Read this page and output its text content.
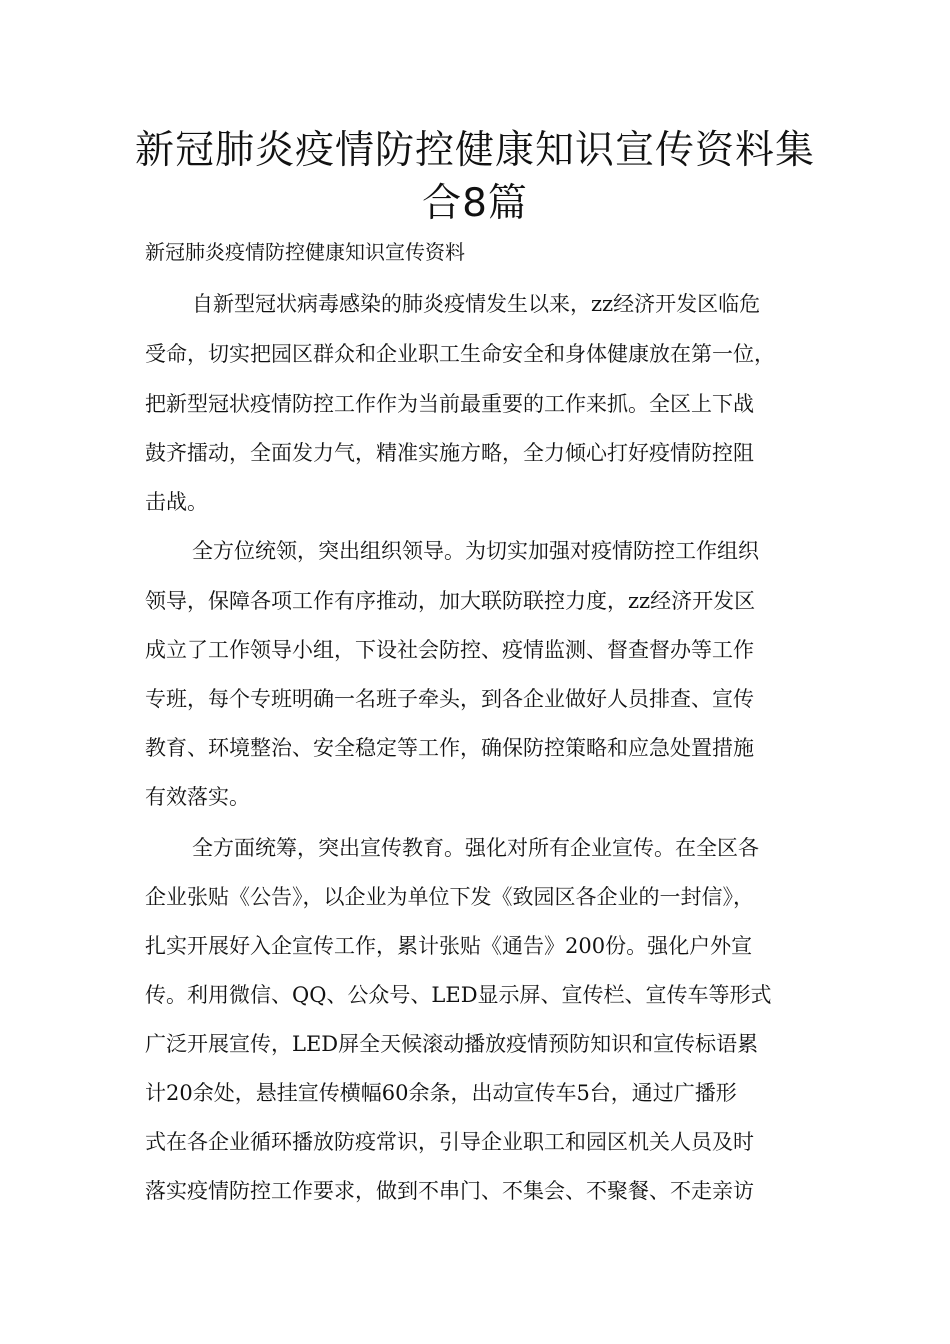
新冠肺炎疫情防控健康知识宣传资料集
合8篇

新冠肺炎疫情防控健康知识宣传资料

自新型冠状病毒感染的肺炎疫情发生以来，zz经济开发区临危

受命，切实把园区群众和企业职工生命安全和身体健康放在第一位，

把新型冠状疫情防控工作作为当前最重要的工作来抓。全区上下战

鼓齐擂动，全面发力气，精准实施方略，全力倾心打好疫情防控阻

击战。

全方位统领，突出组织领导。为切实加强对疫情防控工作组织

领导，保障各项工作有序推动，加大联防联控力度，zz经济开发区

成立了工作领导小组，下设社会防控、疫情监测、督查督办等工作

专班，每个专班明确一名班子牵头，到各企业做好人员排查、宣传

教育、环境整治、安全稳定等工作，确保防控策略和应急处置措施

有效落实。

全方面统筹，突出宣传教育。强化对所有企业宣传。在全区各

企业张贴《公告》，以企业为单位下发《致园区各企业的一封信》，

扎实开展好入企宣传工作，累计张贴《通告》200份。强化户外宣

传。利用微信、QQ、公众号、LED显示屏、宣传栏、宣传车等形式

广泛开展宣传，LED屏全天候滚动播放疫情预防知识和宣传标语累

计20余处，悬挂宣传横幅60余条，出动宣传车5台，通过广播形

式在各企业循环播放防疫常识，引导企业职工和园区机关人员及时

落实疫情防控工作要求，做到不串门、不集会、不聚餐、不走亲访
